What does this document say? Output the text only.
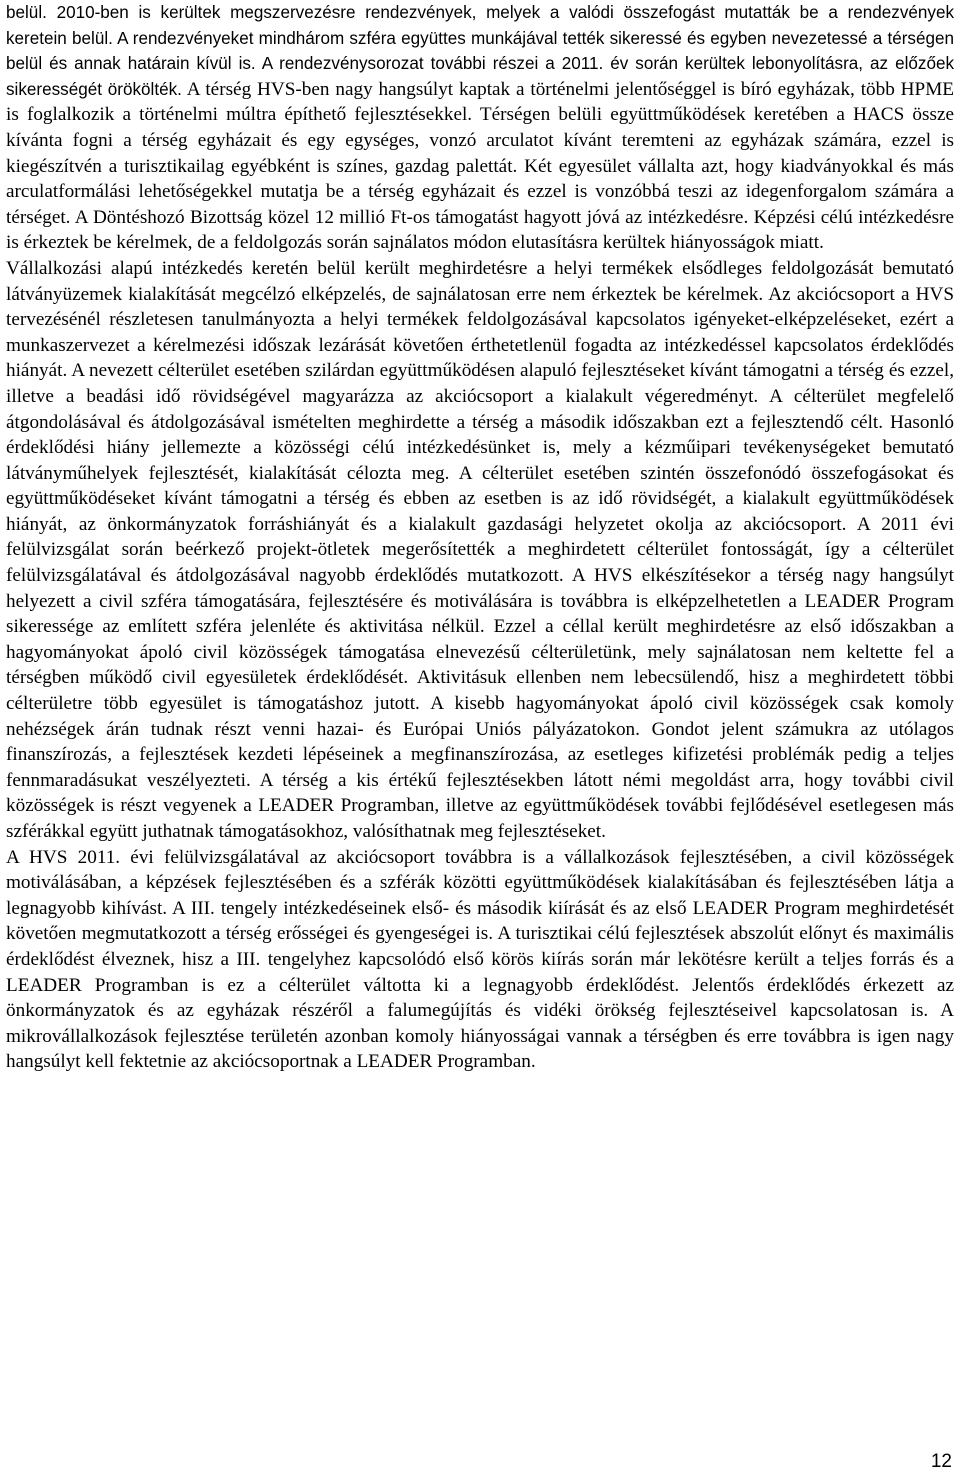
belül. 2010-ben is kerültek megszervezésre rendezvények, melyek a valódi összefogást mutatták be a rendezvények keretein belül. A rendezvényeket mindhárom szféra együttes munkájával tették sikeressé és egyben nevezetessé a térségen belül és annak határain kívül is. A rendezvénysorozat további részei a 2011. év során kerültek lebonyolításra, az előzőek sikerességét örökölték. A térség HVS-ben nagy hangsúlyt kaptak a történelmi jelentőséggel is bíró egyházak, több HPME is foglalkozik a történelmi múltra építhető fejlesztésekkel. Térségen belüli együttműködések keretében a HACS össze kívánta fogni a térség egyházait és egy egységes, vonzó arculatot kívánt teremteni az egyházak számára, ezzel is kiegészítvén a turisztikailag egyébként is színes, gazdag palettát. Két egyesület vállalta azt, hogy kiadványokkal és más arculatformálási lehetőségekkel mutatja be a térség egyházait és ezzel is vonzóbbá teszi az idegenforgalom számára a térséget. A Döntéshozó Bizottság közel 12 millió Ft-os támogatást hagyott jóvá az intézkedésre. Képzési célú intézkedésre is érkeztek be kérelmek, de a feldolgozás során sajnálatos módon elutasításra kerültek hiányosságok miatt.

Vállalkozási alapú intézkedés keretén belül került meghirdetésre a helyi termékek elsődleges feldolgozását bemutató látványüzemek kialakítását megcélzó elképzelés, de sajnálatosan erre nem érkeztek be kérelmek. Az akciócsoport a HVS tervezésénél részletesen tanulmányozta a helyi termékek feldolgozásával kapcsolatos igényeket-elképzeléseket, ezért a munkaszervezet a kérelmezési időszak lezárását követően érthetetlenül fogadta az intézkedéssel kapcsolatos érdeklődés hiányát. A nevezett célterület esetében szilárdan együttműködésen alapuló fejlesztéseket kívánt támogatni a térség és ezzel, illetve a beadási idő rövidségével magyarázza az akciócsoport a kialakult végeredményt. A célterület megfelelő átgondolásával és átdolgozásával ismételten meghirdette a térség a második időszakban ezt a fejlesztendő célt. Hasonló érdeklődési hiány jellemezte a közösségi célú intézkedésünket is, mely a kézműipari tevékenységeket bemutató látványműhelyek fejlesztését, kialakítását célozta meg. A célterület esetében szintén összefonódó összefogásokat és együttműködéseket kívánt támogatni a térség és ebben az esetben is az idő rövidségét, a kialakult együttműködések hiányát, az önkormányzatok forráshiányát és a kialakult gazdasági helyzetet okolja az akciócsoport. A 2011 évi felülvizsgálat során beérkező projekt-ötletek megerősítették a meghirdetett célterület fontosságát, így a célterület felülvizsgálatával és átdolgozásával nagyobb érdeklődés mutatkozott. A HVS elkészítésekor a térség nagy hangsúlyt helyezett a civil szféra támogatására, fejlesztésére és motiválására is továbbra is elképzelhetetlen a LEADER Program sikeressége az említett szféra jelenléte és aktivitása nélkül. Ezzel a céllal került meghirdetésre az első időszakban a hagyományokat ápoló civil közösségek támogatása elnevezésű célterületünk, mely sajnálatosan nem keltette fel a térségben működő civil egyesületek érdeklődését. Aktivitásuk ellenben nem lebecsülendő, hisz a meghirdetett többi célterületre több egyesület is támogatáshoz jutott. A kisebb hagyományokat ápoló civil közösségek csak komoly nehézségek árán tudnak részt venni hazai- és Európai Uniós pályázatokon. Gondot jelent számukra az utólagos finanszírozás, a fejlesztések kezdeti lépéseinek a megfinanszírozása, az esetleges kifizetési problémák pedig a teljes fennmaradásukat veszélyezteti. A térség a kis értékű fejlesztésekben látott némi megoldást arra, hogy további civil közösségek is részt vegyenek a LEADER Programban, illetve az együttműködések további fejlődésével esetlegesen más szférákkal együtt juthatnak támogatásokhoz, valósíthatnak meg fejlesztéseket.

A HVS 2011. évi felülvizsgálatával az akciócsoport továbbra is a vállalkozások fejlesztésében, a civil közösségek motiválásában, a képzések fejlesztésében és a szférák közötti együttműködések kialakításában és fejlesztésében látja a legnagyobb kihívást. A III. tengely intézkedéseinek első- és második kiírását és az első LEADER Program meghirdetését követően megmutatkozott a térség erősségei és gyengeségei is. A turisztikai célú fejlesztések abszolút előnyt és maximális érdeklődést élveznek, hisz a III. tengelyhez kapcsolódó első körös kiírás során már lekötésre került a teljes forrás és a LEADER Programban is ez a célterület váltotta ki a legnagyobb érdeklődést. Jelentős érdeklődés érkezett az önkormányzatok és az egyházak részéről a falumegújítás és vidéki örökség fejlesztéseivel kapcsolatosan is. A mikrovállalkozások fejlesztése területén azonban komoly hiányosságai vannak a térségben és erre továbbra is igen nagy hangsúlyt kell fektetnie az akciócsoportnak a LEADER Programban.

12
